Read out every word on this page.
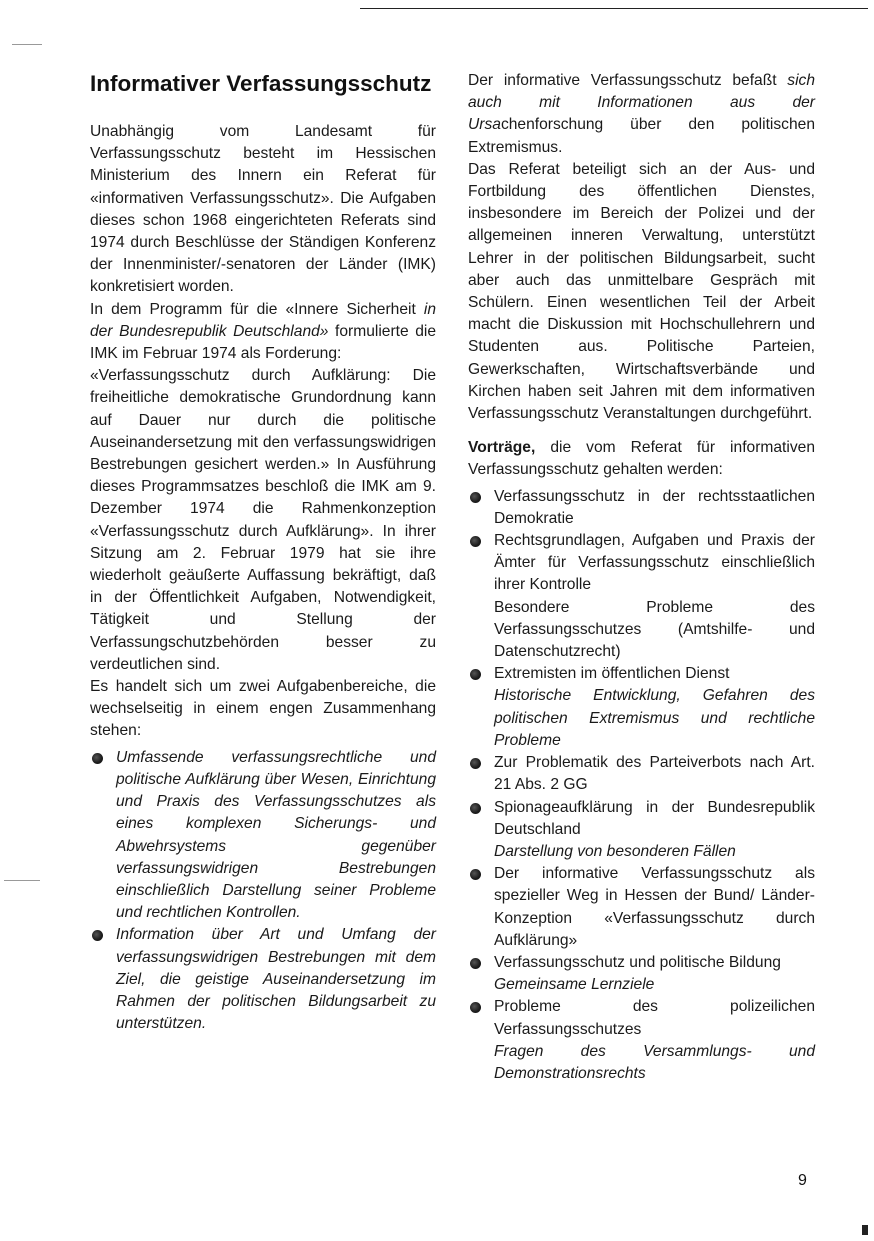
Informativer Verfassungsschutz

Unabhängig vom Landesamt für Verfassungsschutz besteht im Hessischen Ministerium des Innern ein Referat für «informativen Verfassungsschutz». Die Aufgaben dieses schon 1968 eingerichteten Referats sind 1974 durch Beschlüsse der Ständigen Konferenz der Innenminister/-senatoren der Länder (IMK) konkretisiert worden.

In dem Programm für die «Innere Sicherheit in der Bundesrepublik Deutschland» formulierte die IMK im Februar 1974 als Forderung:

«Verfassungsschutz durch Aufklärung: Die freiheitliche demokratische Grundordnung kann auf Dauer nur durch die politische Auseinandersetzung mit den verfassungswidrigen Bestrebungen gesichert werden.» In Ausführung dieses Programmsatzes beschloß die IMK am 9. Dezember 1974 die Rahmenkonzeption «Verfassungsschutz durch Aufklärung». In ihrer Sitzung am 2. Februar 1979 hat sie ihre wiederholt geäußerte Auffassung bekräftigt, daß in der Öffentlichkeit Aufgaben, Notwendigkeit, Tätigkeit und Stellung der Verfassungschutzbehörden besser zu verdeutlichen sind.

Es handelt sich um zwei Aufgabenbereiche, die wechselseitig in einem engen Zusammenhang stehen:

Umfassende verfassungsrechtliche und politische Aufklärung über Wesen, Einrichtung und Praxis des Verfassungsschutzes als eines komplexen Sicherungs- und Abwehrsystems gegenüber verfassungswidrigen Bestrebungen einschließlich Darstellung seiner Probleme und rechtlichen Kontrollen.
Information über Art und Umfang der verfassungswidrigen Bestrebungen mit dem Ziel, die geistige Auseinandersetzung im Rahmen der politischen Bildungsarbeit zu unterstützen.

Der informative Verfassungsschutz befaßt sich auch mit Informationen aus der Ursachenforschung über den politischen Extremismus.

Das Referat beteiligt sich an der Aus- und Fortbildung des öffentlichen Dienstes, insbesondere im Bereich der Polizei und der allgemeinen inneren Verwaltung, unterstützt Lehrer in der politischen Bildungsarbeit, sucht aber auch das unmittelbare Gespräch mit Schülern. Einen wesentlichen Teil der Arbeit macht die Diskussion mit Hochschullehrern und Studenten aus. Politische Parteien, Gewerkschaften, Wirtschaftsverbände und Kirchen haben seit Jahren mit dem informativen Verfassungsschutz Veranstaltungen durchgeführt.

Vorträge, die vom Referat für informativen Verfassungsschutz gehalten werden:

Verfassungsschutz in der rechtsstaatlichen Demokratie
Rechtsgrundlagen, Aufgaben und Praxis der Ämter für Verfassungsschutz einschließlich ihrer Kontrolle
Besondere Probleme des Verfassungsschutzes (Amtshilfe- und Datenschutzrecht)
Extremisten im öffentlichen Dienst
Historische Entwicklung, Gefahren des politischen Extremismus und rechtliche Probleme
Zur Problematik des Parteiverbots nach Art. 21 Abs. 2 GG
Spionageaufklärung in der Bundesrepublik Deutschland
Darstellung von besonderen Fällen
Der informative Verfassungsschutz als spezieller Weg in Hessen der Bund/ Länder-Konzeption «Verfassungsschutz durch Aufklärung»
Verfassungsschutz und politische Bildung
Gemeinsame Lernziele
Probleme des polizeilichen Verfassungsschutzes
Fragen des Versammlungs- und Demonstrationsrechts
9
